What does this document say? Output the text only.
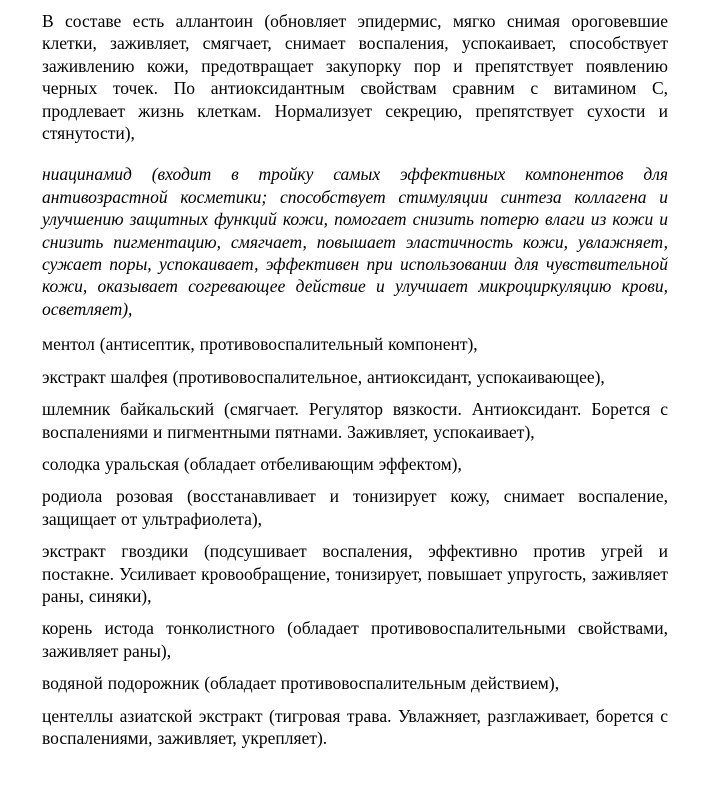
В составе есть аллантоин (обновляет эпидермис, мягко снимая ороговевшие клетки, заживляет, смягчает, снимает воспаления, успокаивает, способствует заживлению кожи, предотвращает закупорку пор и препятствует появлению черных точек. По антиоксидантным свойствам сравним с витамином С, продлевает жизнь клеткам. Нормализует секрецию, препятствует сухости и стянутости),

ниацинамид (входит в тройку самых эффективных компонентов для антивозрастной косметики; способствует стимуляции синтеза коллагена и улучшению защитных функций кожи, помогает снизить потерю влаги из кожи и снизить пигментацию, смягчает, повышает эластичность кожи, увлажняет, сужает поры, успокаивает, эффективен при использовании для чувствительной кожи, оказывает согревающее действие и улучшает микроциркуляцию крови, осветляет),

ментол (антисептик, противовоспалительный компонент),

экстракт шалфея (противовоспалительное, антиоксидант, успокаивающее),

шлемник байкальский (смягчает. Регулятор вязкости. Антиоксидант. Борется с воспалениями и пигментными пятнами. Заживляет, успокаивает),

солодка уральская (обладает отбеливающим эффектом),

родиола розовая (восстанавливает и тонизирует кожу, снимает воспаление, защищает от ультрафиолета),

экстракт гвоздики (подсушивает воспаления, эффективно против угрей и постакне. Усиливает кровообращение, тонизирует, повышает упругость, заживляет раны, синяки),

корень истода тонколистного (обладает противовоспалительными свойствами, заживляет раны),

водяной подорожник (обладает противовоспалительным действием),

центеллы азиатской экстракт (тигровая трава. Увлажняет, разглаживает, борется с воспалениями, заживляет, укрепляет).
